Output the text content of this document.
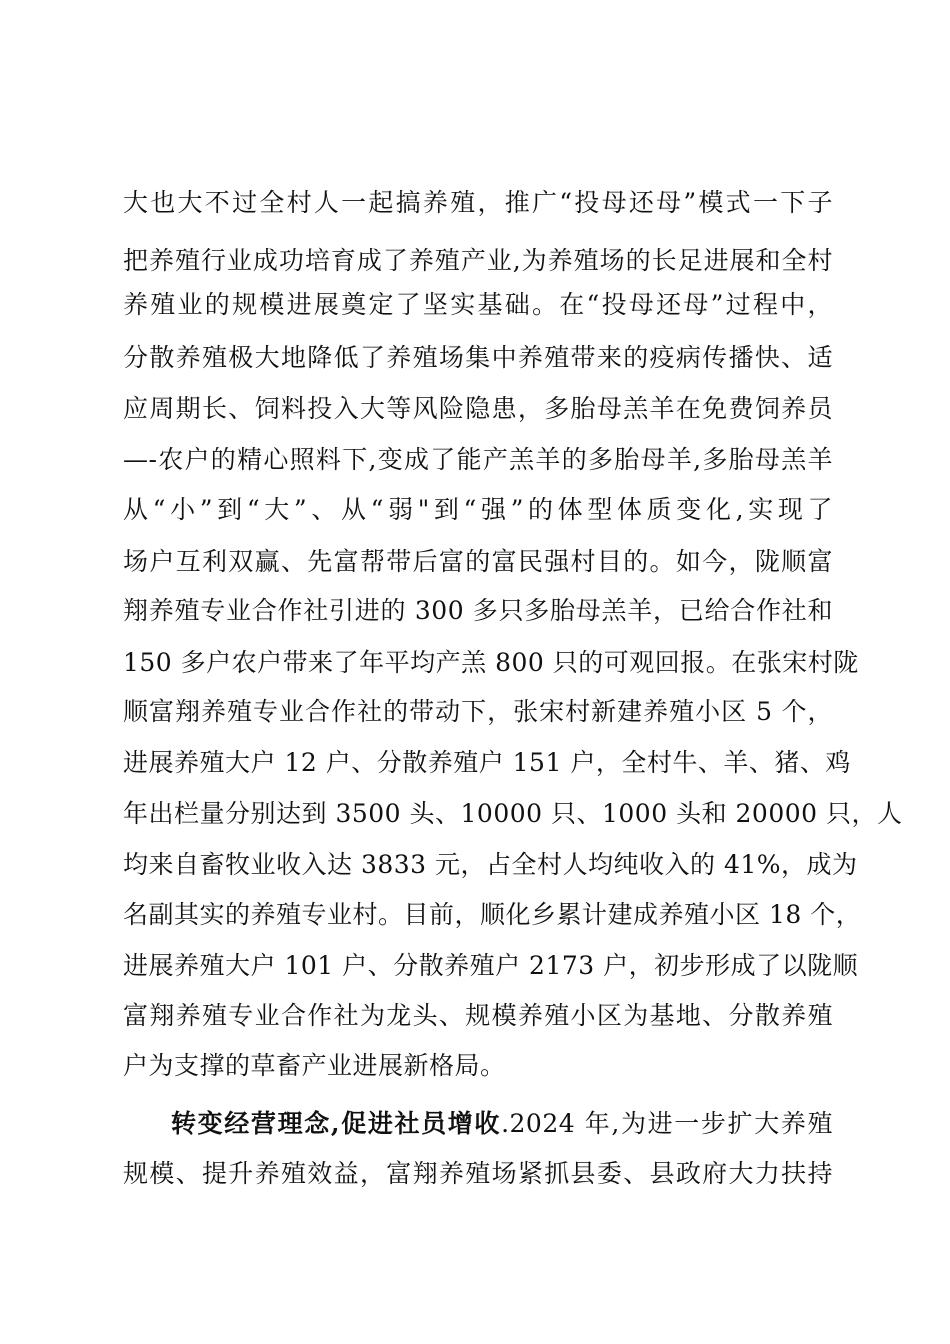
大也大不过全村人一起搞养殖，推广“投母还母”模式一下子
把养殖行业成功培育成了养殖产业,为养殖场的长足进展和全村
养殖业的规模进展奠定了坚实基础。在“投母还母”过程中，
分散养殖极大地降低了养殖场集中养殖带来的疫病传播快、适
应周期长、饲料投入大等风险隐患，多胎母羔羊在免费饲养员
—-农户的精心照料下,变成了能产羔羊的多胎母羊,多胎母羔羊
从“小”到“大”、从“弱"到“强”的体型体质变化,实现了
场户互利双赢、先富帮带后富的富民强村目的。如今，陇顺富
翔养殖专业合作社引进的 300 多只多胎母羔羊，已给合作社和
150 多户农户带来了年平均产羔 800 只的可观回报。在张宋村陇
顺富翔养殖专业合作社的带动下，张宋村新建养殖小区 5 个，
进展养殖大户 12 户、分散养殖户 151 户，全村牛、羊、猪、鸡
年出栏量分别达到 3500 头、10000 只、1000 头和 20000 只，人
均来自畜牧业收入达 3833 元，占全村人均纯收入的 41%，成为
名副其实的养殖专业村。目前，顺化乡累计建成养殖小区 18 个，
进展养殖大户 101 户、分散养殖户 2173 户，初步形成了以陇顺
富翔养殖专业合作社为龙头、规模养殖小区为基地、分散养殖
户为支撑的草畜产业进展新格局。
转变经营理念,促进社员增收.2024 年,为进一步扩大养殖
规模、提升养殖效益，富翔养殖场紧抓县委、县政府大力扶持
